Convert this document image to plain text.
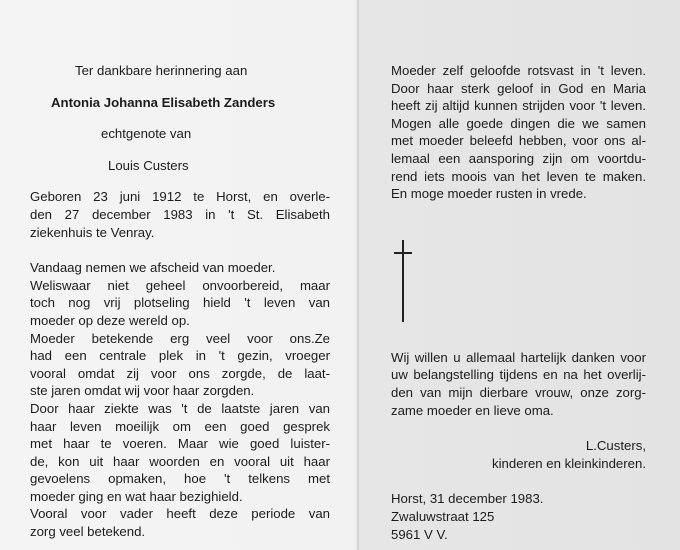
Ter dankbare herinnering aan
Antonia Johanna Elisabeth Zanders
echtgenote van
Louis Custers
Geboren 23 juni 1912 te Horst, en overle-
den 27 december 1983 in 't St. Elisabeth
ziekenhuis te Venray.
Vandaag nemen we afscheid van moeder.
Weliswaar niet geheel onvoorbereid, maar
toch nog vrij plotseling hield 't leven van
moeder op deze wereld op.
Moeder betekende erg veel voor ons.Ze
had een centrale plek in 't gezin, vroeger
vooral omdat zij voor ons zorgde, de laat-
ste jaren omdat wij voor haar zorgden.
Door haar ziekte was 't de laatste jaren van
haar leven moeilijk om een goed gesprek
met haar te voeren. Maar wie goed luister-
de, kon uit haar woorden en vooral uit haar
gevoelens opmaken, hoe 't telkens met
moeder ging en wat haar bezighield.
Vooral voor vader heeft deze periode van
zorg veel betekend.
Moeder zelf geloofde rotsvast in 't leven.
Door haar sterk geloof in God en Maria
heeft zij altijd kunnen strijden voor 't leven.
Mogen alle goede dingen die we samen
met moeder beleefd hebben, voor ons al-
lemaal een aansporing zijn om voortdu-
rend iets moois van het leven te maken.
En moge moeder rusten in vrede.
Wij willen u allemaal hartelijk danken voor
uw belangstelling tijdens en na het overlij-
den van mijn dierbare vrouw, onze zorg-
zame moeder en lieve oma.
L.Custers,
kinderen en kleinkinderen.
Horst, 31 december 1983.
Zwaluwstraat 125
5961 V V.
